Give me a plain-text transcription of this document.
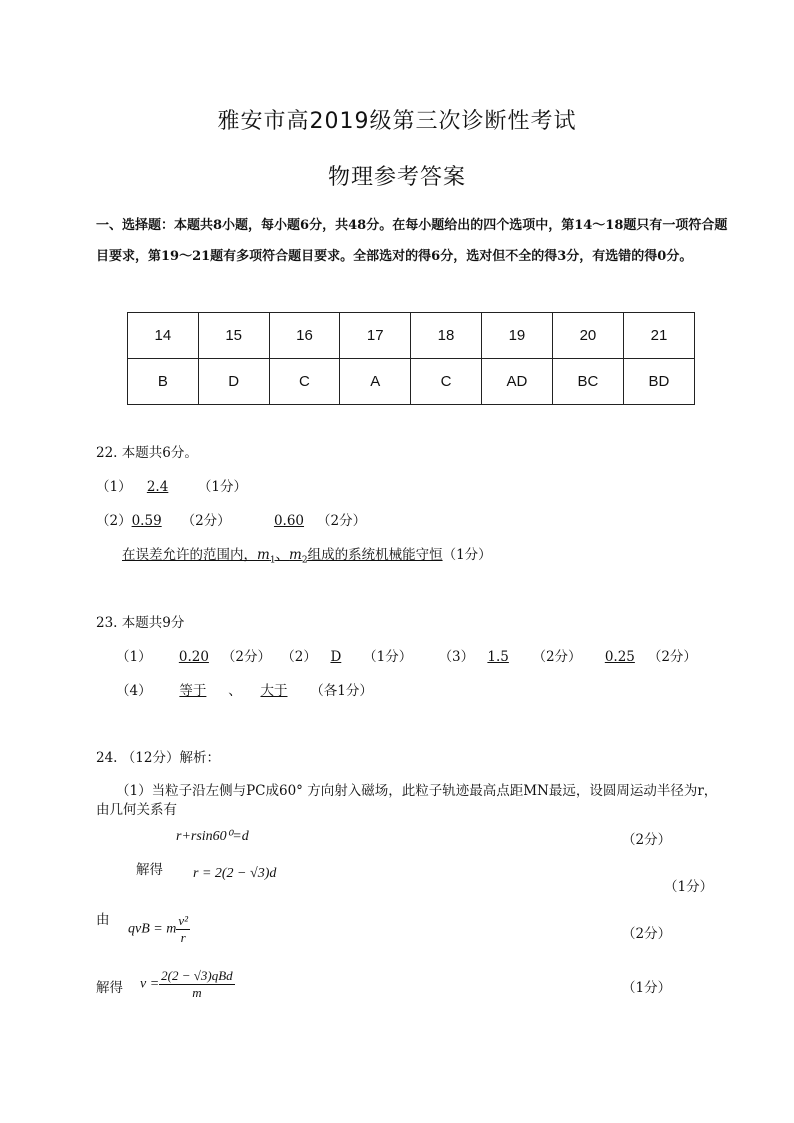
雅安市高2019级第三次诊断性考试
物理参考答案
一、选择题：本题共8小题，每小题6分，共48分。在每小题给出的四个选项中，第14～18题只有一项符合题目要求，第19～21题有多项符合题目要求。全部选对的得6分，选对但不全的得3分，有选错的得0分。
14	15	16	17	18	19	20	21
B	D	C	A	C	AD	BC	BD
22. 本题共6分。
（1） 2.4 （1分）
（2）0.59 （2分）	0.60 （2分）
在误差允许的范围内，$m_1$、$m_2$组成的系统机械能守恒（1分）
23. 本题共9分
（1） 0.20 （2分） （2） D （1分） （3） 1.5 （2分） 0.25 （2分）
（4） 等于 、 大于 （各1分）
24. （12分）解析：
（1）当粒子沿左侧与PC成60° 方向射入磁场，此粒子轨迹最高点距MN最远，设圆周运动半径为r，
由几何关系有
r+rsin60⁰=d	（2分）
解得 r = 2(2 − √3)d
（1分）
由
qvB = m $\frac{\text{v²}}{r}$	（2分）
解得 $v = \frac{\text{2(2 − √3)qBd}}{m}$	（1分）
